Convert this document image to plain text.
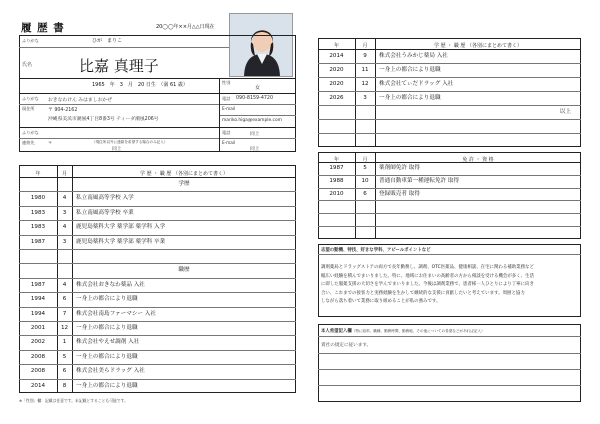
履 歴 書	20◯◯年××月△△日現在
ふりがな	ひが　まりこ
氏名	比嘉 真理子
1965　年　3　月　20 日生　（満 61 歳）	性別
女
ふりがな おきなわけん みはましおかぜ	電話 090-8159-4720
現住所	〒 904-2162
沖縄県美浜市潮風4丁目8番3号 ティーダ潮風206号
E-mail
mariko.higa@example.com
ふりがな	電話	同上
連絡先	〒	（現住所以外に連絡を希望する場合のみ記入）
同上
E-mail
同上
年	月	学 歴 ・ 職 歴 （各別にまとめて書く）
学歴
1980	4	私立南風高等学校 入学
1983	3	私立南風高等学校 卒業
1983	4	鹿児島薬科大学 薬学部 薬学科 入学
1987	3	鹿児島薬科大学 薬学部 薬学科 卒業
職歴
1987	4	株式会社おきなわ薬品 入社
1994	6	一身上の都合により退職
1994	7	株式会社南島ファーマシー 入社
2001	12	一身上の都合により退職
2002	1	株式会社やえせ調剤 入社
2008	5	一身上の都合により退職
2008	6	株式会社美らドラッグ 入社
2014	8	一身上の都合により退職
※「性別」欄：記載は任意です。未記載とすることも可能です。
年	月	学 歴 ・ 職 歴 （各別にまとめて書く）
2014	9	株式会社うみかじ薬局 入社
2020	11	一身上の都合により退職
2020	12	株式会社てぃだドラッグ 入社
2026	3	一身上の都合により退職
以上
年	月	免 許 ・ 資 格
1987	5	薬剤師免許 取得
1988	10	普通自動車第一種運転免許 取得
2010	6	登録販売者 取得
志望の動機、特技、好きな学科、アピールポイントなど
調剤薬局とドラッグストアの両方で長年勤務し、調剤、OTC医薬品、健康相談、在宅に関わる補助業務など
幅広い経験を積んでまいりました。特に、地域にお住まいの高齢者の方から相談を受ける機会が多く、生活
に即した服薬支援の大切さを学んでまいりました。今後は調剤業務で、患者様一人ひとりにより丁寧に向き
合い、これまでの接客力と実務経験を生かして継続的な支援に貢献したいと考えています。周囲と協力
しながら落ち着いて業務に取り組めることが私の強みです。
本人希望記入欄（特に給料、職種、勤務時間、勤務地、その他についての希望などがあれば記入）
貴社の規定に従います。
